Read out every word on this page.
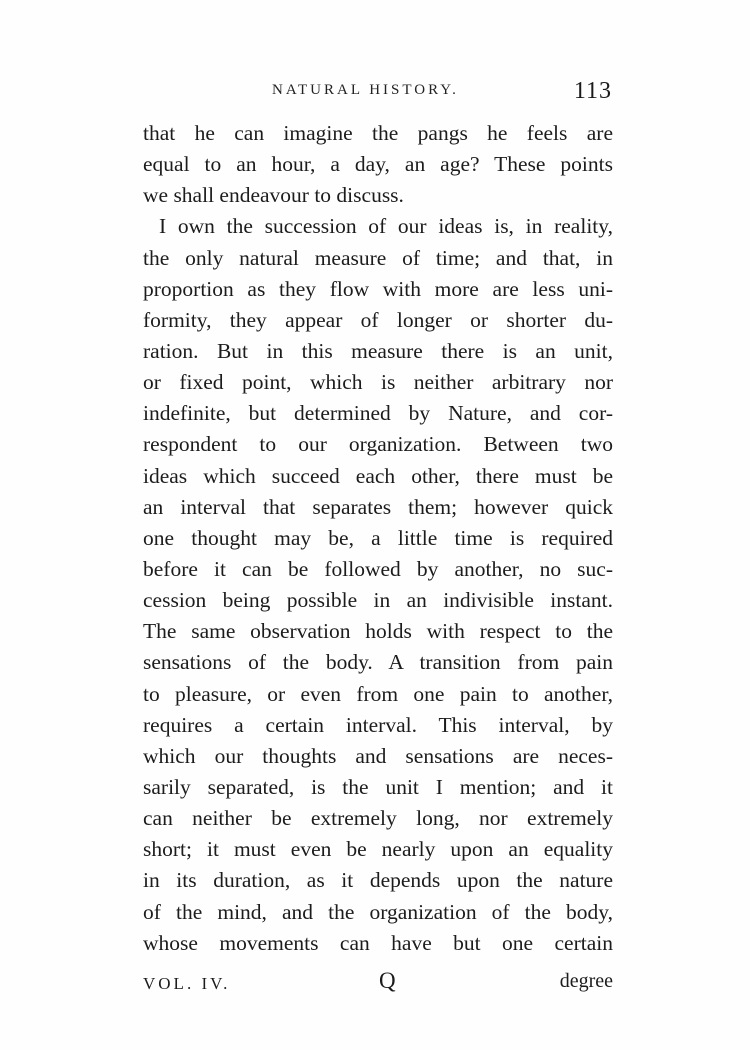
NATURAL HISTORY.	113
that he can imagine the pangs he feels are
equal to an hour, a day, an age? These points
we shall endeavour to discuss.
I own the succession of our ideas is, in reality,
the only natural measure of time; and that, in
proportion as they flow with more are less uni-
formity, they appear of longer or shorter du-
ration. But in this measure there is an unit,
or fixed point, which is neither arbitrary nor
indefinite, but determined by Nature, and cor-
respondent to our organization. Between two
ideas which succeed each other, there must be
an interval that separates them; however quick
one thought may be, a little time is required
before it can be followed by another, no suc-
cession being possible in an indivisible instant.
The same observation holds with respect to the
sensations of the body. A transition from pain
to pleasure, or even from one pain to another,
requires a certain interval. This interval, by
which our thoughts and sensations are neces-
sarily separated, is the unit I mention; and it
can neither be extremely long, nor extremely
short; it must even be nearly upon an equality
in its duration, as it depends upon the nature
of the mind, and the organization of the body,
whose movements can have but one certain
VOL. IV.	Q	degree
